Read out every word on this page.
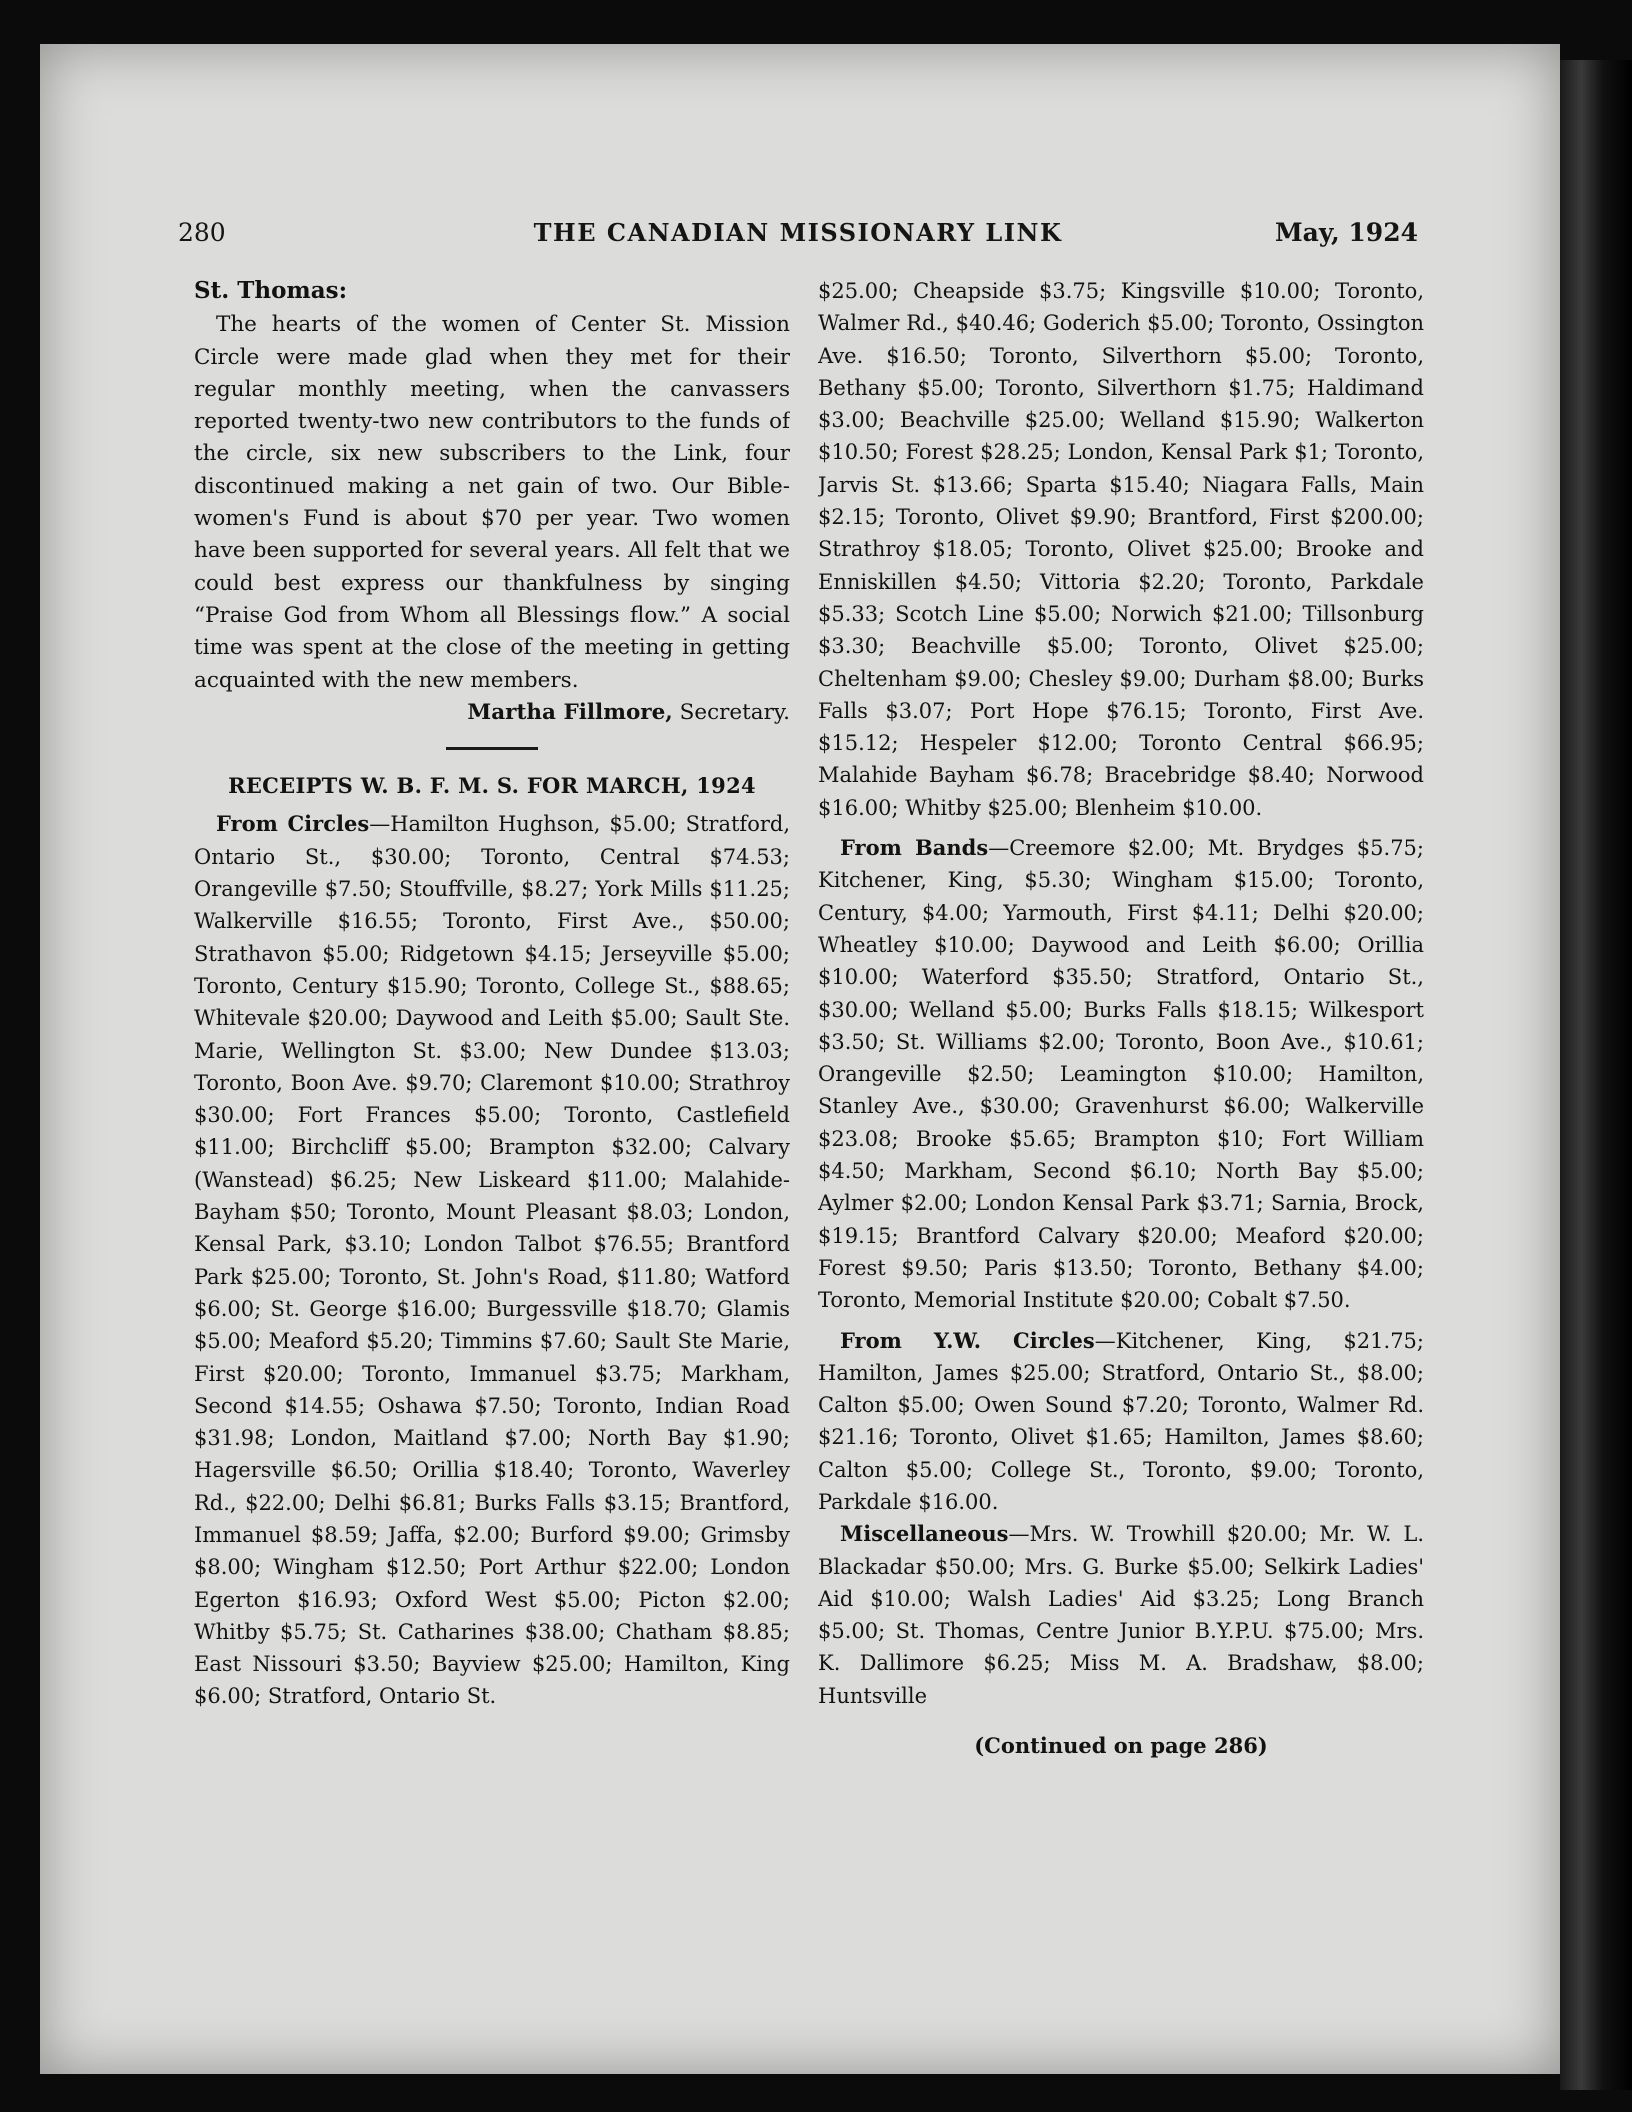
280	THE CANADIAN MISSIONARY LINK	May, 1924
St. Thomas:

The hearts of the women of Center St. Mission Circle were made glad when they met for their regular monthly meeting, when the canvassers reported twenty-two new contributors to the funds of the circle, six new subscribers to the Link, four discontinued making a net gain of two. Our Bible-women's Fund is about $70 per year. Two women have been supported for several years. All felt that we could best express our thankfulness by singing “Praise God from Whom all Blessings flow.” A social time was spent at the close of the meeting in getting acquainted with the new members.

Martha Fillmore, Secretary.

RECEIPTS W. B. F. M. S. FOR MARCH, 1924

From Circles—Hamilton Hughson, $5.00; Stratford, Ontario St., $30.00; Toronto, Central $74.53; Orangeville $7.50; Stouffville, $8.27; York Mills $11.25; Walkerville $16.55; Toronto, First Ave., $50.00; Strathavon $5.00; Ridgetown $4.15; Jerseyville $5.00; Toronto, Century $15.90; Toronto, College St., $88.65; Whitevale $20.00; Daywood and Leith $5.00; Sault Ste. Marie, Wellington St. $3.00; New Dundee $13.03; Toronto, Boon Ave. $9.70; Claremont $10.00; Strathroy $30.00; Fort Frances $5.00; Toronto, Castlefield $11.00; Birchcliff $5.00; Brampton $32.00; Calvary (Wanstead) $6.25; New Liskeard $11.00; Malahide-Bayham $50; Toronto, Mount Pleasant $8.03; London, Kensal Park, $3.10; London Talbot $76.55; Brantford Park $25.00; Toronto, St. John's Road, $11.80; Watford $6.00; St. George $16.00; Burgessville $18.70; Glamis $5.00; Meaford $5.20; Timmins $7.60; Sault Ste Marie, First $20.00; Toronto, Immanuel $3.75; Markham, Second $14.55; Oshawa $7.50; Toronto, Indian Road $31.98; London, Maitland $7.00; North Bay $1.90; Hagersville $6.50; Orillia $18.40; Toronto, Waverley Rd., $22.00; Delhi $6.81; Burks Falls $3.15; Brantford, Immanuel $8.59; Jaffa, $2.00; Burford $9.00; Grimsby $8.00; Wingham $12.50; Port Arthur $22.00; London Egerton $16.93; Oxford West $5.00; Picton $2.00; Whitby $5.75; St. Catharines $38.00; Chatham $8.85; East Nissouri $3.50; Bayview $25.00; Hamilton, King $6.00; Stratford, Ontario St.

$25.00; Cheapside $3.75; Kingsville $10.00; Toronto, Walmer Rd., $40.46; Goderich $5.00; Toronto, Ossington Ave. $16.50; Toronto, Silverthorn $5.00; Toronto, Bethany $5.00; Toronto, Silverthorn $1.75; Haldimand $3.00; Beachville $25.00; Welland $15.90; Walkerton $10.50; Forest $28.25; London, Kensal Park $1; Toronto, Jarvis St. $13.66; Sparta $15.40; Niagara Falls, Main $2.15; Toronto, Olivet $9.90; Brantford, First $200.00; Strathroy $18.05; Toronto, Olivet $25.00; Brooke and Enniskillen $4.50; Vittoria $2.20; Toronto, Parkdale $5.33; Scotch Line $5.00; Norwich $21.00; Tillsonburg $3.30; Beachville $5.00; Toronto, Olivet $25.00; Cheltenham $9.00; Chesley $9.00; Durham $8.00; Burks Falls $3.07; Port Hope $76.15; Toronto, First Ave. $15.12; Hespeler $12.00; Toronto Central $66.95; Malahide Bayham $6.78; Bracebridge $8.40; Norwood $16.00; Whitby $25.00; Blenheim $10.00.

From Bands—Creemore $2.00; Mt. Brydges $5.75; Kitchener, King, $5.30; Wingham $15.00; Toronto, Century, $4.00; Yarmouth, First $4.11; Delhi $20.00; Wheatley $10.00; Daywood and Leith $6.00; Orillia $10.00; Waterford $35.50; Stratford, Ontario St., $30.00; Welland $5.00; Burks Falls $18.15; Wilkesport $3.50; St. Williams $2.00; Toronto, Boon Ave., $10.61; Orangeville $2.50; Leamington $10.00; Hamilton, Stanley Ave., $30.00; Gravenhurst $6.00; Walkerville $23.08; Brooke $5.65; Brampton $10; Fort William $4.50; Markham, Second $6.10; North Bay $5.00; Aylmer $2.00; London Kensal Park $3.71; Sarnia, Brock, $19.15; Brantford Calvary $20.00; Meaford $20.00; Forest $9.50; Paris $13.50; Toronto, Bethany $4.00; Toronto, Memorial Institute $20.00; Cobalt $7.50.

From Y.W. Circles—Kitchener, King, $21.75; Hamilton, James $25.00; Stratford, Ontario St., $8.00; Calton $5.00; Owen Sound $7.20; Toronto, Walmer Rd. $21.16; Toronto, Olivet $1.65; Hamilton, James $8.60; Calton $5.00; College St., Toronto, $9.00; Toronto, Parkdale $16.00.

Miscellaneous—Mrs. W. Trowhill $20.00; Mr. W. L. Blackadar $50.00; Mrs. G. Burke $5.00; Selkirk Ladies' Aid $10.00; Walsh Ladies' Aid $3.25; Long Branch $5.00; St. Thomas, Centre Junior B.Y.P.U. $75.00; Mrs. K. Dallimore $6.25; Miss M. A. Bradshaw, $8.00; Huntsville

(Continued on page 286)
